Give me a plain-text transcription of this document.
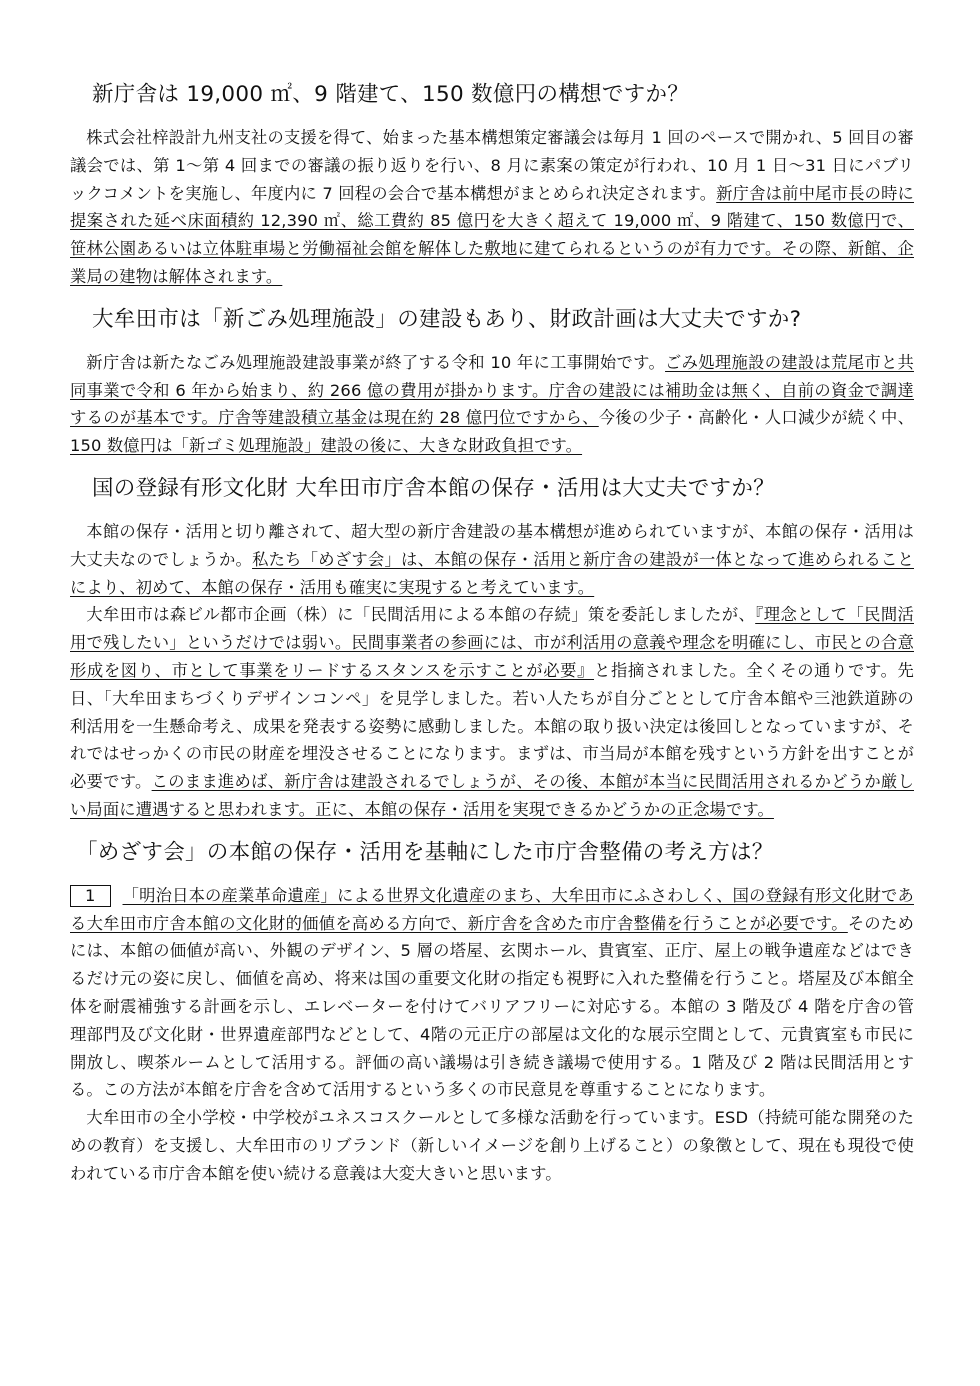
新庁舎は 19,000 ㎡、9 階建て、150 数億円の構想ですか？

株式会社梓設計九州支社の支援を得て、始まった基本構想策定審議会は毎月 1 回のペースで開かれ、5 回目の審議会では、第 1～第 4 回までの審議の振り返りを行い、8 月に素案の策定が行われ、10 月 1 日～31 日にパブリックコメントを実施し、年度内に 7 回程の会合で基本構想がまとめられ決定されます。新庁舎は前中尾市長の時に提案された延べ床面積約 12,390 ㎡、総工費約 85 億円を大きく超えて 19,000 ㎡、9 階建て、150 数億円で、笹林公園あるいは立体駐車場と労働福祉会館を解体した敷地に建てられるというのが有力です。その際、新館、企業局の建物は解体されます。

大牟田市は「新ごみ処理施設」の建設もあり、財政計画は大丈夫ですか?

新庁舎は新たなごみ処理施設建設事業が終了する令和 10 年に工事開始です。ごみ処理施設の建設は荒尾市と共同事業で令和 6 年から始まり、約 266 億の費用が掛かります。庁舎の建設には補助金は無く、自前の資金で調達するのが基本です。庁舎等建設積立基金は現在約 28 億円位ですから、今後の少子・高齢化・人口減少が続く中、150 数億円は「新ゴミ処理施設」建設の後に、大きな財政負担です。

国の登録有形文化財 大牟田市庁舎本館の保存・活用は大丈夫ですか？

本館の保存・活用と切り離されて、超大型の新庁舎建設の基本構想が進められていますが、本館の保存・活用は大丈夫なのでしょうか。私たち「めざす会」は、本館の保存・活用と新庁舎の建設が一体となって進められることにより、初めて、本館の保存・活用も確実に実現すると考えています。

大牟田市は森ビル都市企画（株）に「民間活用による本館の存続」策を委託しましたが、『理念として「民間活用で残したい」というだけでは弱い。民間事業者の参画には、市が利活用の意義や理念を明確にし、市民との合意形成を図り、市として事業をリードするスタンスを示すことが必要』と指摘されました。全くその通りです。先日、「大牟田まちづくりデザインコンペ」を見学しました。若い人たちが自分ごととして庁舎本館や三池鉄道跡の利活用を一生懸命考え、成果を発表する姿勢に感動しました。本館の取り扱い決定は後回しとなっていますが、それではせっかくの市民の財産を埋没させることになります。まずは、市当局が本館を残すという方針を出すことが必要です。このまま進めば、新庁舎は建設されるでしょうが、その後、本館が本当に民間活用されるかどうか厳しい局面に遭遇すると思われます。正に、本館の保存・活用を実現できるかどうかの正念場です。

「めざす会」の本館の保存・活用を基軸にした市庁舎整備の考え方は？

1 「明治日本の産業革命遺産」による世界文化遺産のまち、大牟田市にふさわしく、国の登録有形文化財である大牟田市庁舎本館の文化財的価値を高める方向で、新庁舎を含めた市庁舎整備を行うことが必要です。そのためには、本館の価値が高い、外観のデザイン、5 層の塔屋、玄関ホール、貴賓室、正庁、屋上の戦争遺産などはできるだけ元の姿に戻し、価値を高め、将来は国の重要文化財の指定も視野に入れた整備を行うこと。塔屋及び本館全体を耐震補強する計画を示し、エレベーターを付けてバリアフリーに対応する。本館の 3 階及び 4 階を庁舎の管理部門及び文化財・世界遺産部門などとして、4階の元正庁の部屋は文化的な展示空間として、元貴賓室も市民に開放し、喫茶ルームとして活用する。評価の高い議場は引き続き議場で使用する。1 階及び 2 階は民間活用とする。この方法が本館を庁舎を含めて活用するという多くの市民意見を尊重することになります。

大牟田市の全小学校・中学校がユネスコスクールとして多様な活動を行っています。ESD（持続可能な開発のための教育）を支援し、大牟田市のリブランド（新しいイメージを創り上げること）の象徴として、現在も現役で使われている市庁舎本館を使い続ける意義は大変大きいと思います。
